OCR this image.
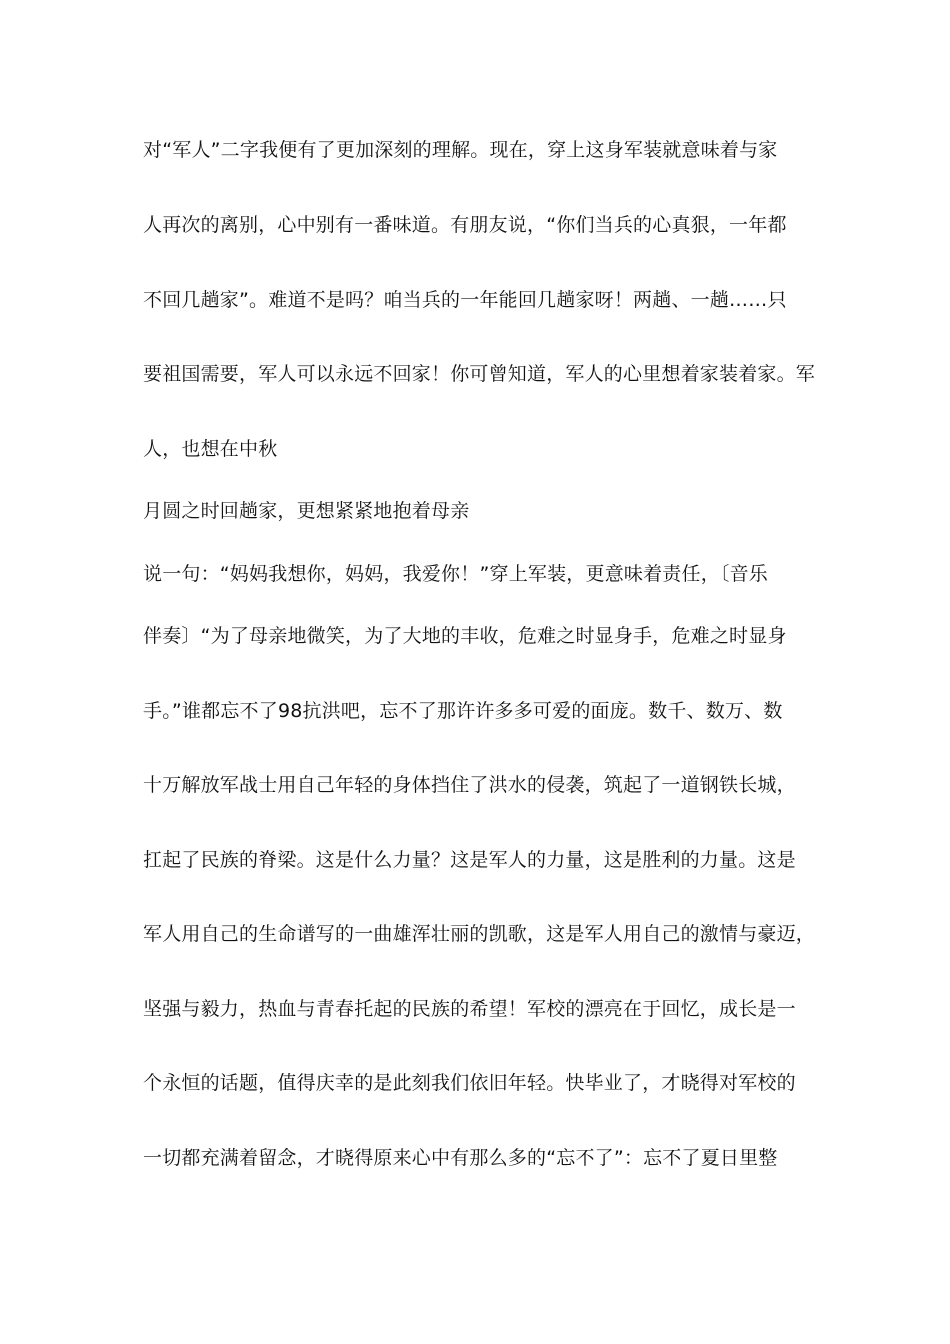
对“军人”二字我便有了更加深刻的理解。现在，穿上这身军装就意味着与家
人再次的离别，心中别有一番味道。有朋友说，“你们当兵的心真狠，一年都
不回几趟家”。难道不是吗？咱当兵的一年能回几趟家呀！两趟、一趟……只
要祖国需要，军人可以永远不回家！你可曾知道，军人的心里想着家装着家。军
人，也想在中秋
月圆之时回趟家，更想紧紧地抱着母亲
说一句：“妈妈我想你，妈妈，我爱你！”穿上军装，更意味着责任，〔音乐
伴奏〕“为了母亲地微笑，为了大地的丰收，危难之时显身手，危难之时显身
手。”谁都忘不了98抗洪吧，忘不了那许许多多可爱的面庞。数千、数万、数
十万解放军战士用自己年轻的身体挡住了洪水的侵袭，筑起了一道钢铁长城，
扛起了民族的脊梁。这是什么力量？这是军人的力量，这是胜利的力量。这是
军人用自己的生命谱写的一曲雄浑壮丽的凯歌，这是军人用自己的激情与豪迈，
坚强与毅力，热血与青春托起的民族的希望！军校的漂亮在于回忆，成长是一
个永恒的话题，值得庆幸的是此刻我们依旧年轻。快毕业了，才晓得对军校的
一切都充满着留念，才晓得原来心中有那么多的“忘不了”：忘不了夏日里整
